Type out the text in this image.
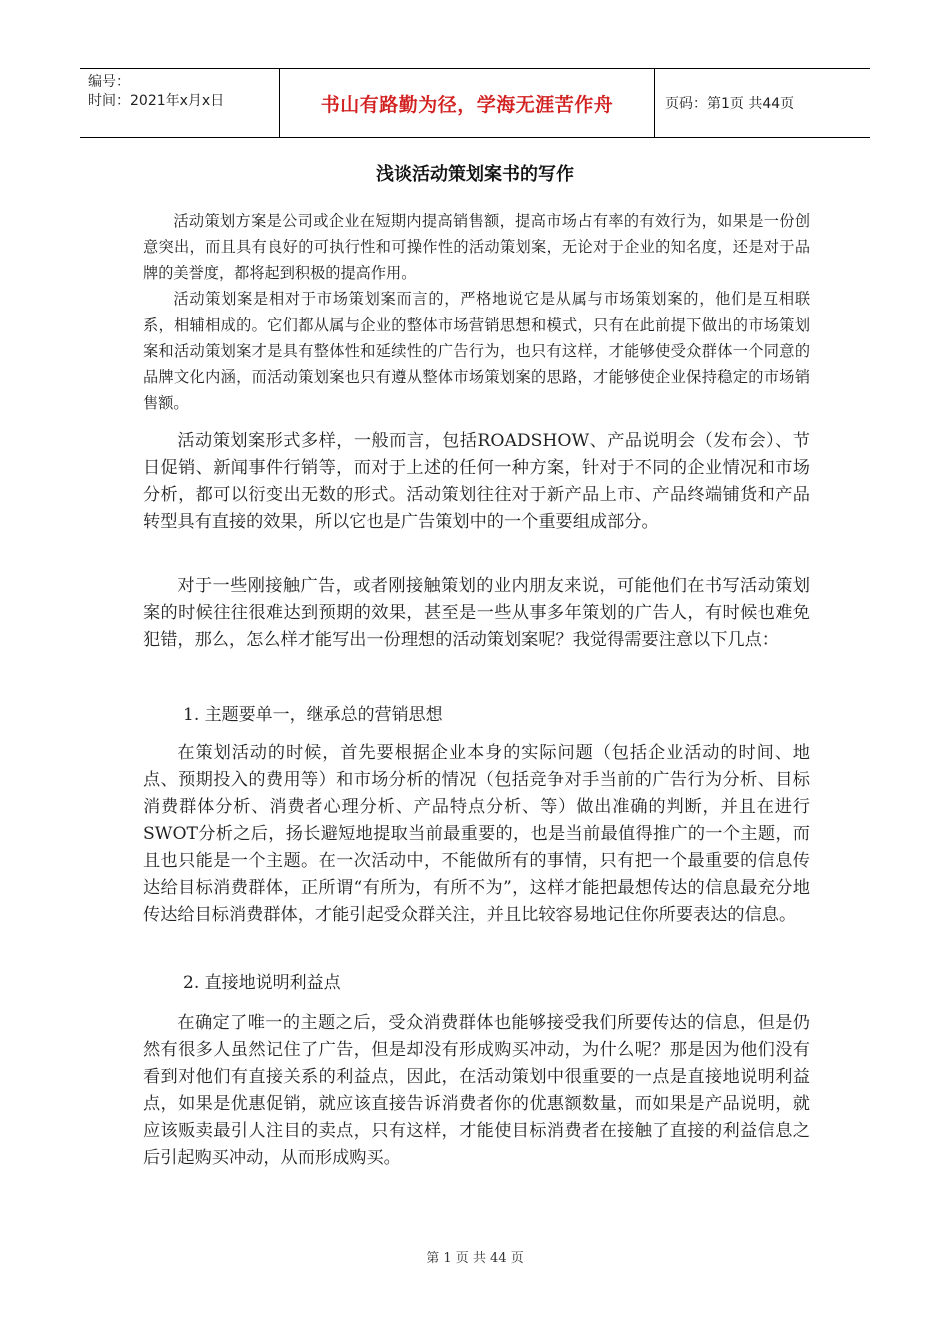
编号：
时间：2021年x月x日	书山有路勤为径，学海无涯苦作舟	页码：第1页 共44页
浅谈活动策划案书的写作

活动策划方案是公司或企业在短期内提高销售额，提高市场占有率的有效行为，如果是一份创意突出，而且具有良好的可执行性和可操作性的活动策划案，无论对于企业的知名度，还是对于品牌的美誉度，都将起到积极的提高作用。

活动策划案是相对于市场策划案而言的，严格地说它是从属与市场策划案的，他们是互相联系，相辅相成的。它们都从属与企业的整体市场营销思想和模式，只有在此前提下做出的市场策划案和活动策划案才是具有整体性和延续性的广告行为，也只有这样，才能够使受众群体一个同意的品牌文化内涵，而活动策划案也只有遵从整体市场策划案的思路，才能够使企业保持稳定的市场销售额。

活动策划案形式多样，一般而言，包括ROADSHOW、产品说明会（发布会）、节日促销、新闻事件行销等，而对于上述的任何一种方案，针对于不同的企业情况和市场分析，都可以衍变出无数的形式。活动策划往往对于新产品上市、产品终端铺货和产品转型具有直接的效果，所以它也是广告策划中的一个重要组成部分。

对于一些刚接触广告，或者刚接触策划的业内朋友来说，可能他们在书写活动策划案的时候往往很难达到预期的效果，甚至是一些从事多年策划的广告人，有时候也难免犯错，那么，怎么样才能写出一份理想的活动策划案呢？我觉得需要注意以下几点：

1. 主题要单一，继承总的营销思想

在策划活动的时候，首先要根据企业本身的实际问题（包括企业活动的时间、地点、预期投入的费用等）和市场分析的情况（包括竞争对手当前的广告行为分析、目标消费群体分析、消费者心理分析、产品特点分析、等）做出准确的判断，并且在进行SWOT分析之后，扬长避短地提取当前最重要的，也是当前最值得推广的一个主题，而且也只能是一个主题。在一次活动中，不能做所有的事情，只有把一个最重要的信息传达给目标消费群体，正所谓“有所为，有所不为”，这样才能把最想传达的信息最充分地传达给目标消费群体，才能引起受众群关注，并且比较容易地记住你所要表达的信息。

2. 直接地说明利益点

在确定了唯一的主题之后，受众消费群体也能够接受我们所要传达的信息，但是仍然有很多人虽然记住了广告，但是却没有形成购买冲动，为什么呢？那是因为他们没有看到对他们有直接关系的利益点，因此，在活动策划中很重要的一点是直接地说明利益点，如果是优惠促销，就应该直接告诉消费者你的优惠额数量，而如果是产品说明，就应该贩卖最引人注目的卖点，只有这样，才能使目标消费者在接触了直接的利益信息之后引起购买冲动，从而形成购买。

第 1 页 共 44 页
